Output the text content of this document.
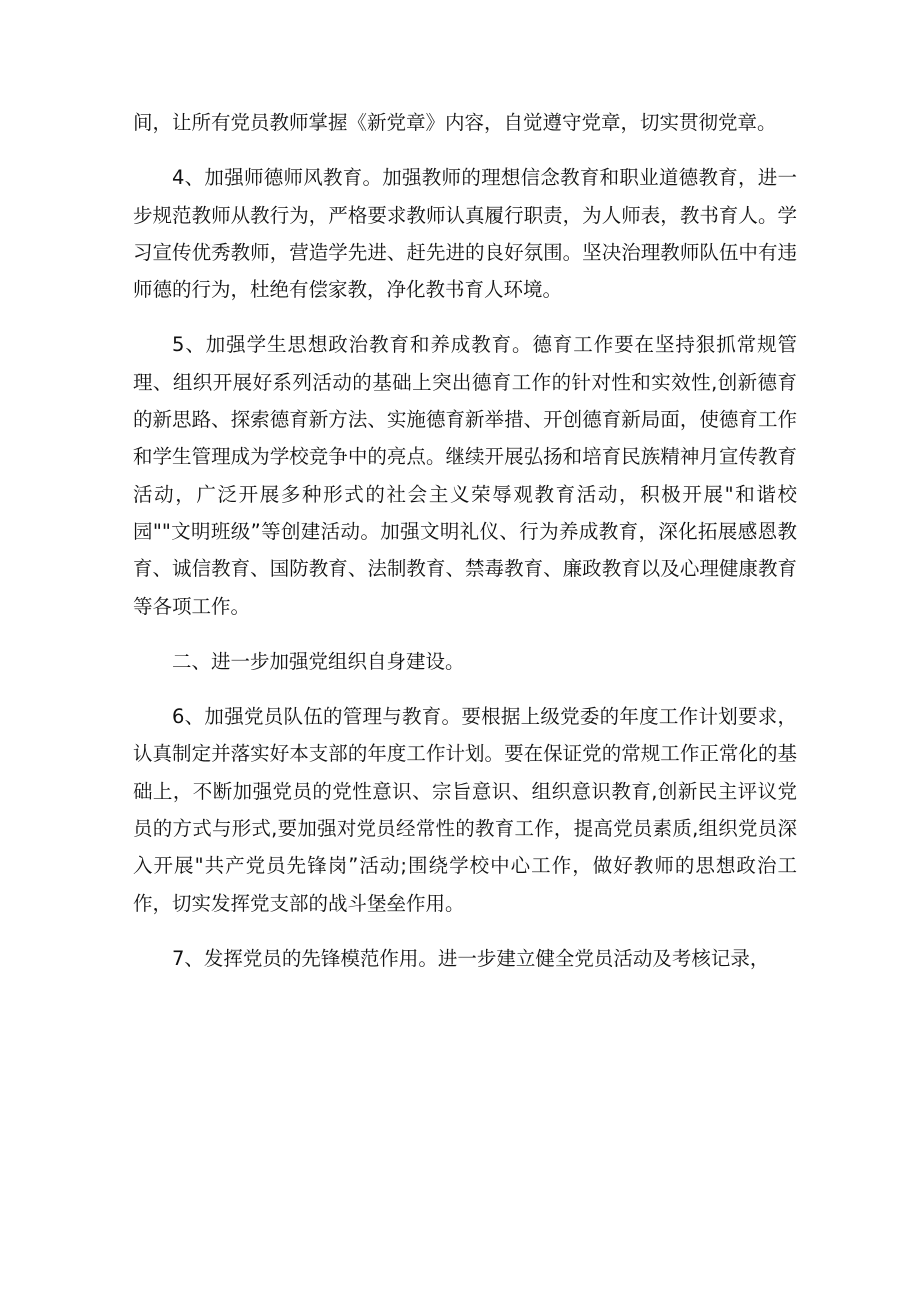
间，让所有党员教师掌握《新党章》内容，自觉遵守党章，切实贯彻党章。

4、加强师德师风教育。加强教师的理想信念教育和职业道德教育，进一步规范教师从教行为，严格要求教师认真履行职责，为人师表，教书育人。学习宣传优秀教师，营造学先进、赶先进的良好氛围。坚决治理教师队伍中有违师德的行为，杜绝有偿家教，净化教书育人环境。

5、加强学生思想政治教育和养成教育。德育工作要在坚持狠抓常规管理、组织开展好系列活动的基础上突出德育工作的针对性和实效性,创新德育的新思路、探索德育新方法、实施德育新举措、开创德育新局面，使德育工作和学生管理成为学校竞争中的亮点。继续开展弘扬和培育民族精神月宣传教育活动，广泛开展多种形式的社会主义荣辱观教育活动，积极开展"和谐校园""文明班级”等创建活动。加强文明礼仪、行为养成教育，深化拓展感恩教育、诚信教育、国防教育、法制教育、禁毒教育、廉政教育以及心理健康教育等各项工作。

二、进一步加强党组织自身建设。

6、加强党员队伍的管理与教育。要根据上级党委的年度工作计划要求，认真制定并落实好本支部的年度工作计划。要在保证党的常规工作正常化的基础上，不断加强党员的党性意识、宗旨意识、组织意识教育,创新民主评议党员的方式与形式,要加强对党员经常性的教育工作，提高党员素质,组织党员深入开展"共产党员先锋岗”活动;围绕学校中心工作，做好教师的思想政治工作，切实发挥党支部的战斗堡垒作用。

7、发挥党员的先锋模范作用。进一步建立健全党员活动及考核记录，
